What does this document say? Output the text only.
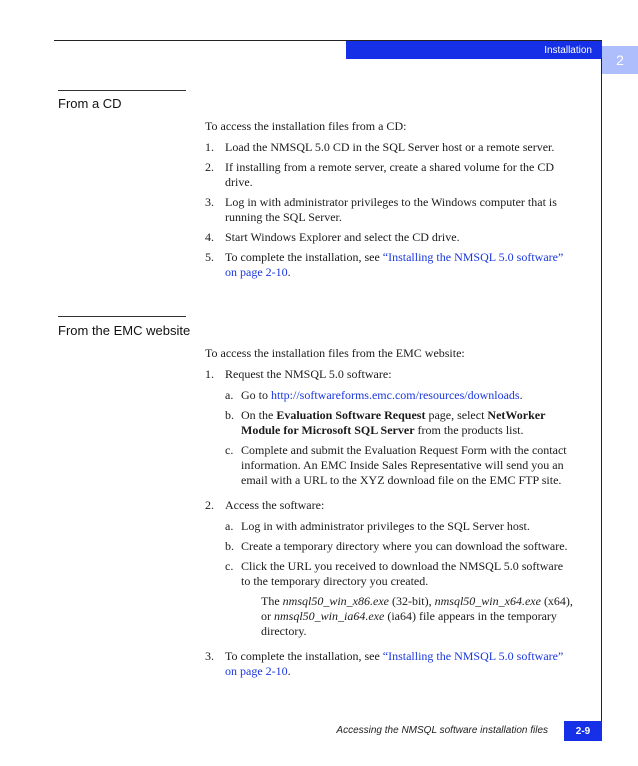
Installation
2
From a CD
To access the installation files from a CD:
1. Load the NMSQL 5.0 CD in the SQL Server host or a remote server.
2. If installing from a remote server, create a shared volume for the CD drive.
3. Log in with administrator privileges to the Windows computer that is running the SQL Server.
4. Start Windows Explorer and select the CD drive.
5. To complete the installation, see “Installing the NMSQL 5.0 software” on page 2-10.
From the EMC website
To access the installation files from the EMC website:
1. Request the NMSQL 5.0 software:
a. Go to http://softwareforms.emc.com/resources/downloads.
b. On the Evaluation Software Request page, select NetWorker Module for Microsoft SQL Server from the products list.
c. Complete and submit the Evaluation Request Form with the contact information. An EMC Inside Sales Representative will send you an email with a URL to the XYZ download file on the EMC FTP site.
2. Access the software:
a. Log in with administrator privileges to the SQL Server host.
b. Create a temporary directory where you can download the software.
c. Click the URL you received to download the NMSQL 5.0 software to the temporary directory you created.
The nmsql50_win_x86.exe (32-bit), nmsql50_win_x64.exe (x64), or nmsql50_win_ia64.exe (ia64) file appears in the temporary directory.
3. To complete the installation, see “Installing the NMSQL 5.0 software” on page 2-10.
Accessing the NMSQL software installation files	2-9
